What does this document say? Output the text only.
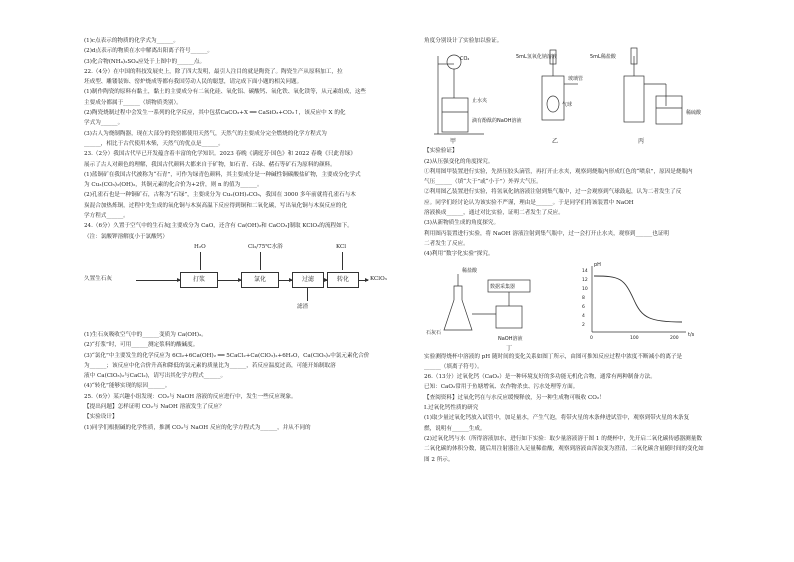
(1)c点表示的物质的化学式为______。
(2)d点表示的物质在水中解离出阳离子符号______。
(3)化合物(NH₄)₂SO₄应处于上图中的______点。
22.（4分）在中国的科技发展史上，除了四大发明，最引人注目的就是陶瓷了。陶瓷生产从原料加工，拉
坯成型、雕镂装饰、窑炉烧成等都有我国劳动人民的聪慧，请完成下面小题的相关问题。
(1)制作陶瓷的原料有黏土，黏土的主要成分有二氧化硅、氧化铝、碳酸钙、氧化铁、氧化镁等，从元素组成，这些
主要成分都属于______（填物质类别）。
(2)陶瓷烧制过程中会发生一系列的化学反应，其中包括CaCO₃+X ══ CaSiO₃+CO₂↑，该反应中 X 的化
学式为______。
(3)古人为烧制陶器，现在大部分的瓷窑都使用天然气，天然气的主要成分完全燃烧的化学方程式为
______，相比于古代使用木柴，天然气的优点是______。
23.（2分）我国古代早已开发蕴含着丰富的化学知识。2023 春晚《满庭芳·国色》和 2022 春晚《只此青绿》
展示了古人对颜色的理解，我国古代颜料大都来自于矿物，如石青、石绿、赭石等矿石为原料的颜料。
(1)蓝铜矿在我国古代被称为“石青”，可作为绿青色颜料，其主要成分是一种碱性铜碳酸盐矿物，主要成分化学式
为 Cu₃(CO₃)₂(OH)₂，其铜元素的化合价为+2价，则 n 的值为______。
(2)孔雀石也是一种铜矿石，古称为“石绿”，主要成分为 Cu₂(OH)₂CO₃，我国在 3000 多年前就将孔雀石与木
炭混合加热炼铜，过程中先生成的氧化铜与木炭高温下反应得到铜和二氧化碳，写出氧化铜与木炭反应的化
学方程式______。
24.（6分）久置于空气中的生石灰[主要成分为 CaO，还含有 Ca(OH)₂和 CaCO₃]制取 KClO₃的流程如下。
（注：氯酸钾溶解度小于氯酸钙）
H₂O	Cl₂/75℃水浴	KCl
久置生石灰	打浆	氯化	过滤	转化	KClO₃
滤渣
(1)生石灰吸收空气中的______变质为 Ca(OH)₂。
(2)“打浆”时，可用______测定浆料的酸碱度。
(3)“氯化”中主要发生的化学反应为 6Cl₂+6Ca(OH)₂ ══ 5CaCl₂+Ca(ClO₃)₂+6H₂O，Ca(ClO₃)₂中氯元素化合价
为______；该反应中化合价升高和降低的氯元素的质量比为______，若反应温度过高，可能开始制取溶
液中 Ca(ClO₃)₂与CaCl₂)，请写出其化学方程式______。
(4)“转化”能够实现的原因______。
25.（6分）某兴趣小组发现：CO₂与 NaOH 溶液的反应进行中，发生一些反应现象。
【提出问题】怎样证明 CO₂与 NaOH 溶液发生了反应？
【实验设计】
(1)同学们根据碱的化学性质，推测 CO₂与 NaOH 反应的化学方程式为______，并从不同的
角度分别设计了实验加以验证。
CO₂
止水夹
滴有酚酞的NaOH溶液
甲
5mL氢氧化钠溶液
玻璃管
气球
乙
5mL稀盐酸
稀硫酸
丙
【实验验证】
(2)从压强变化的角度探究。
①利用图甲装置进行实验，先挤压胶头滴管，再打开止水夹，观察到烧瓶内形成红色的“喷泉”，原因是烧瓶内
气压______（填“大于”或“小于”）外界大气压。
②利用图乙装置进行实验，将氢氧化钠溶液注射到集气瓶中，过一会观察到气球鼓起，认为二者发生了反
应。同学们经讨论认为该实验不严谨，理由是______。于是同学们将该装置中 NaOH
溶液换成______，通过对比实验，证明二者发生了反应。
(3)从新物质生成的角度探究。
利用图丙装置进行实验，将 NaOH 溶液注射到集气瓶中，过一会打开止水夹，观察到______也证明
二者发生了反应。
(4)利用“数字化实验”探究。
pH
数据采集器
稀盐酸
NaOH溶液
石灰石
14
12
10
8
6
4
2
0	100	200
t/s
丁
实验测得烧杯中溶液的 pH 随时间的变化关系如图丁所示，由图可推知反应过程中浓度不断减小的离子是
______（填离子符号）。
26.（13分）过氧化钙（CaO₂）是一种环境友好的多功能无机化合物，通常有两种制备方法。
已知：CaO₂常用于鱼塘增氧、农作物杀虫、污水处理等方面。
【查阅资料】过氧化钙在与水反应缓慢释放，另一种生成物可吸收 CO₂！
Ⅰ.过氧化钙性质的研究
(1)取少量过氧化钙放入试管中，加足量水，产生气泡，将带火星的木条伸进试管中，观察到带火星的木条复
燃，说明有______生成。
(2)过氧化钙与水（所得溶液加水，进行如下实验：取少量溶液溶于图 1 的烧杯中，先开启二氧化碳传感器测量数
二氧化碳的体积分数，随后用注射器注入足量稀盐酸，观察到溶液由浑浊变为澄清，二氧化碳含量随时间的变化如
图 2 所示。
